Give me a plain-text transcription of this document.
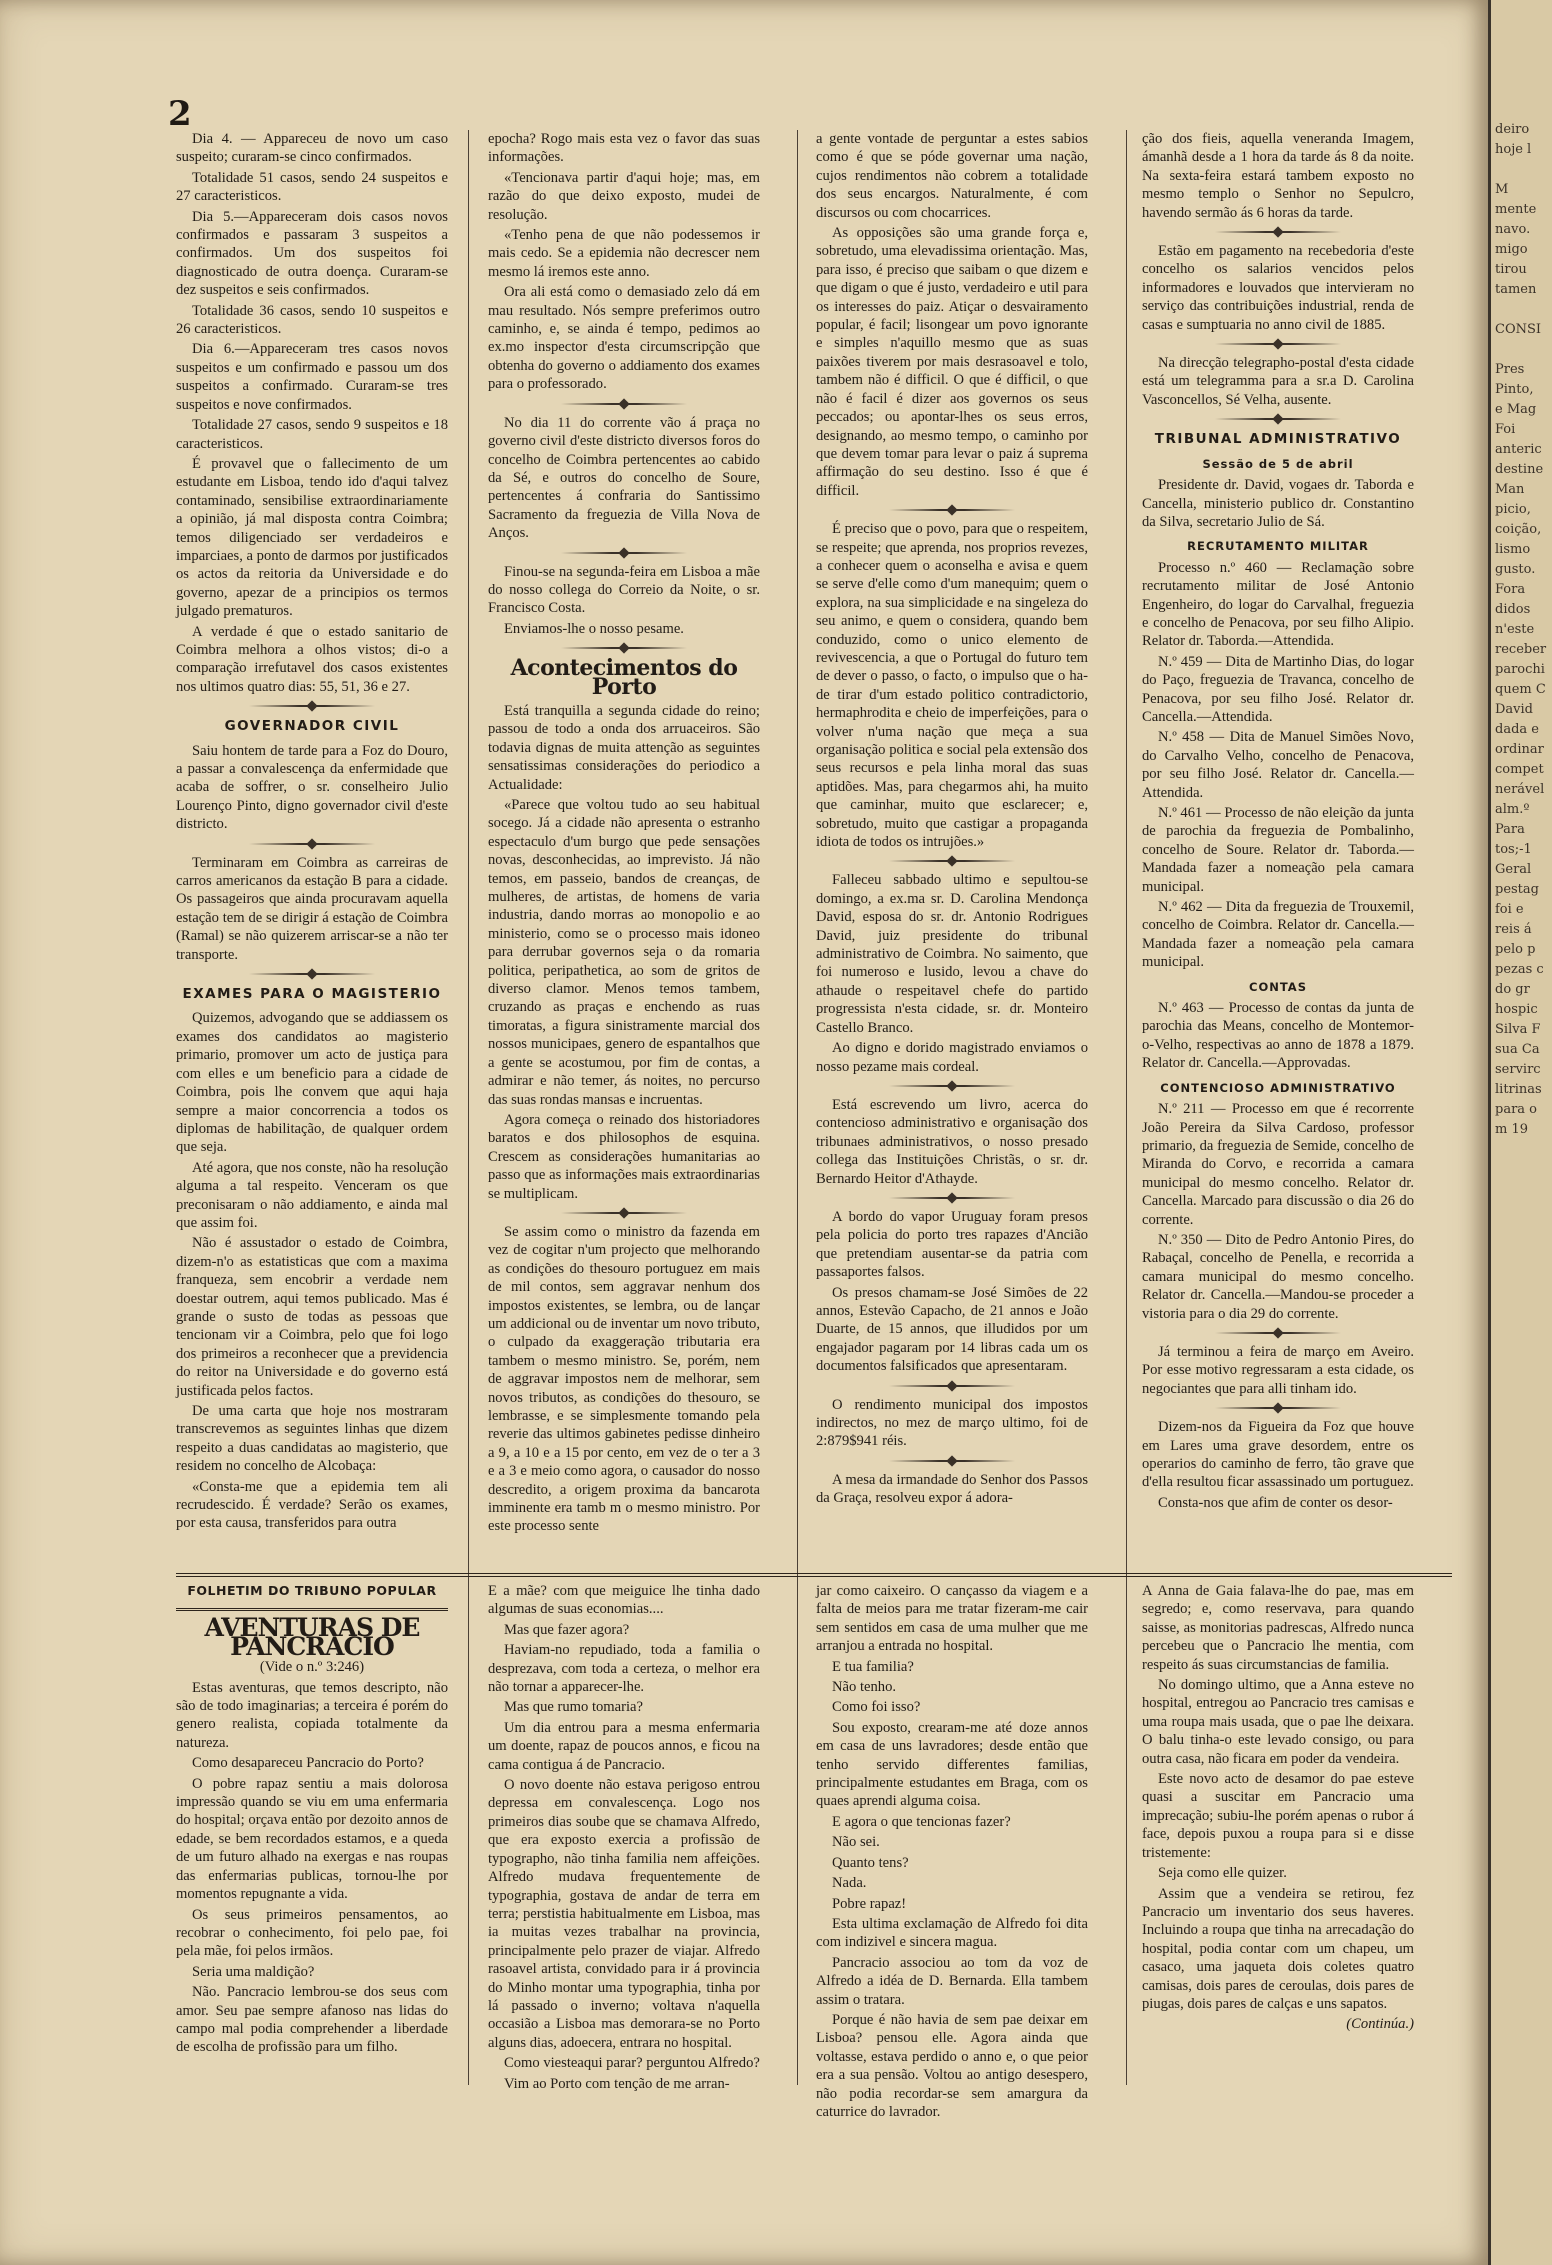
2

Dia 4. — Appareceu de novo um caso suspeito; curaram-se cinco confirmados.

Totalidade 51 casos, sendo 24 suspeitos e 27 caracteristicos.

Dia 5.—Appareceram dois casos novos confirmados e passaram 3 suspeitos a confirmados. Um dos suspeitos foi diagnosticado de outra doença. Curaram-se dez suspeitos e seis confirmados.

Totalidade 36 casos, sendo 10 suspeitos e 26 caracteristicos.

Dia 6.—Appareceram tres casos novos suspeitos e um confirmado e passou um dos suspeitos a confirmado. Curaram-se tres suspeitos e nove confirmados.

Totalidade 27 casos, sendo 9 suspeitos e 18 caracteristicos.

É provavel que o fallecimento de um estudante em Lisboa, tendo ido d'aqui talvez contaminado, sensibilise extraordinariamente a opinião, já mal disposta contra Coimbra; temos diligenciado ser verdadeiros e imparciaes, a ponto de darmos por justificados os actos da reitoria da Universidade e do governo, apezar de a principios os termos julgado prematuros.

A verdade é que o estado sanitario de Coimbra melhora a olhos vistos; di-o a comparação irrefutavel dos casos existentes nos ultimos quatro dias: 55, 51, 36 e 27.

GOVERNADOR CIVIL

Saiu hontem de tarde para a Foz do Douro, a passar a convalescença da enfermidade que acaba de soffrer, o sr. conselheiro Julio Lourenço Pinto, digno governador civil d'este districto.

Terminaram em Coimbra as carreiras de carros americanos da estação B para a cidade. Os passageiros que ainda procuravam aquella estação tem de se dirigir á estação de Coimbra (Ramal) se não quizerem arriscar-se a não ter transporte.

EXAMES PARA O MAGISTERIO

Quizemos, advogando que se addiassem os exames dos candidatos ao magisterio primario, promover um acto de justiça para com elles e um beneficio para a cidade de Coimbra, pois lhe convem que aqui haja sempre a maior concorrencia a todos os diplomas de habilitação, de qualquer ordem que seja.

Até agora, que nos conste, não ha resolução alguma a tal respeito. Venceram os que preconisaram o não addiamento, e ainda mal que assim foi.

Não é assustador o estado de Coimbra, dizem-n'o as estatisticas que com a maxima franqueza, sem encobrir a verdade nem doestar outrem, aqui temos publicado. Mas é grande o susto de todas as pessoas que tencionam vir a Coimbra, pelo que foi logo dos primeiros a reconhecer que a previdencia do reitor na Universidade e do governo está justificada pelos factos.

De uma carta que hoje nos mostraram transcrevemos as seguintes linhas que dizem respeito a duas candidatas ao magisterio, que residem no concelho de Alcobaça:

«Consta-me que a epidemia tem ali recrudescido. É verdade? Serão os exames, por esta causa, transferidos para outra

epocha? Rogo mais esta vez o favor das suas informações.

«Tencionava partir d'aqui hoje; mas, em razão do que deixo exposto, mudei de resolução.

«Tenho pena de que não podessemos ir mais cedo. Se a epidemia não decrescer nem mesmo lá iremos este anno.

Ora ali está como o demasiado zelo dá em mau resultado. Nós sempre preferimos outro caminho, e, se ainda é tempo, pedimos ao ex.mo inspector d'esta circumscripção que obtenha do governo o addiamento dos exames para o professorado.

No dia 11 do corrente vão á praça no governo civil d'este districto diversos foros do concelho de Coimbra pertencentes ao cabido da Sé, e outros do concelho de Soure, pertencentes á confraria do Santissimo Sacramento da freguezia de Villa Nova de Anços.

Finou-se na segunda-feira em Lisboa a mãe do nosso collega do Correio da Noite, o sr. Francisco Costa.

Enviamos-lhe o nosso pesame.

Acontecimentos do Porto

Está tranquilla a segunda cidade do reino; passou de todo a onda dos arruaceiros. São todavia dignas de muita attenção as seguintes sensatissimas considerações do periodico a Actualidade:

«Parece que voltou tudo ao seu habitual socego. Já a cidade não apresenta o estranho espectaculo d'um burgo que pede sensações novas, desconhecidas, ao imprevisto. Já não temos, em passeio, bandos de creanças, de mulheres, de artistas, de homens de varia industria, dando morras ao monopolio e ao ministerio, como se o processo mais idoneo para derrubar governos seja o da romaria politica, peripathetica, ao som de gritos de diverso clamor. Menos temos tambem, cruzando as praças e enchendo as ruas timoratas, a figura sinistramente marcial dos nossos municipaes, genero de espantalhos que a gente se acostumou, por fim de contas, a admirar e não temer, ás noites, no percurso das suas rondas mansas e incruentas.

Agora começa o reinado dos historiadores baratos e dos philosophos de esquina. Crescem as considerações humanitarias ao passo que as informações mais extraordinarias se multiplicam.

Se assim como o ministro da fazenda em vez de cogitar n'um projecto que melhorando as condições do thesouro portuguez em mais de mil contos, sem aggravar nenhum dos impostos existentes, se lembra, ou de lançar um addicional ou de inventar um novo tributo, o culpado da exaggeração tributaria era tambem o mesmo ministro. Se, porém, nem de aggravar impostos nem de melhorar, sem novos tributos, as condições do thesouro, se lembrasse, e se simplesmente tomando pela reverie das ultimos gabinetes pedisse dinheiro a 9, a 10 e a 15 por cento, em vez de o ter a 3 e a 3 e meio como agora, o causador do nosso descredito, a origem proxima da bancarota imminente era tamb m o mesmo ministro. Por este processo sente

a gente vontade de perguntar a estes sabios como é que se póde governar uma nação, cujos rendimentos não cobrem a totalidade dos seus encargos. Naturalmente, é com discursos ou com chocarrices.

As opposições são uma grande força e, sobretudo, uma elevadissima orientação. Mas, para isso, é preciso que saibam o que dizem e que digam o que é justo, verdadeiro e util para os interesses do paiz. Atiçar o desvairamento popular, é facil; lisongear um povo ignorante e simples n'aquillo mesmo que as suas paixões tiverem por mais desrasoavel e tolo, tambem não é difficil. O que é difficil, o que não é facil é dizer aos governos os seus peccados; ou apontar-lhes os seus erros, designando, ao mesmo tempo, o caminho por que devem tomar para levar o paiz á suprema affirmação do seu destino. Isso é que é difficil.

É preciso que o povo, para que o respeitem, se respeite; que aprenda, nos proprios revezes, a conhecer quem o aconselha e avisa e quem se serve d'elle como d'um manequim; quem o explora, na sua simplicidade e na singeleza do seu animo, e quem o considera, quando bem conduzido, como o unico elemento de revivescencia, a que o Portugal do futuro tem de dever o passo, o facto, o impulso que o ha-de tirar d'um estado politico contradictorio, hermaphrodita e cheio de imperfeições, para o volver n'uma nação que meça a sua organisação politica e social pela extensão dos seus recursos e pela linha moral das suas aptidões. Mas, para chegarmos ahi, ha muito que caminhar, muito que esclarecer; e, sobretudo, muito que castigar a propaganda idiota de todos os intrujões.»

Falleceu sabbado ultimo e sepultou-se domingo, a ex.ma sr. D. Carolina Mendonça David, esposa do sr. dr. Antonio Rodrigues David, juiz presidente do tribunal administrativo de Coimbra. No saimento, que foi numeroso e lusido, levou a chave do athaude o respeitavel chefe do partido progressista n'esta cidade, sr. dr. Monteiro Castello Branco.

Ao digno e dorido magistrado enviamos o nosso pezame mais cordeal.

Está escrevendo um livro, acerca do contencioso administrativo e organisação dos tribunaes administrativos, o nosso presado collega das Instituições Christãs, o sr. dr. Bernardo Heitor d'Athayde.

A bordo do vapor Uruguay foram presos pela policia do porto tres rapazes d'Ancião que pretendiam ausentar-se da patria com passaportes falsos.

Os presos chamam-se José Simões de 22 annos, Estevão Capacho, de 21 annos e João Duarte, de 15 annos, que illudidos por um engajador pagaram por 14 libras cada um os documentos falsificados que apresentaram.

O rendimento municipal dos impostos indirectos, no mez de março ultimo, foi de 2:879$941 réis.

A mesa da irmandade do Senhor dos Passos da Graça, resolveu expor á adora-

ção dos fieis, aquella veneranda Imagem, ámanhã desde a 1 hora da tarde ás 8 da noite. Na sexta-feira estará tambem exposto no mesmo templo o Senhor no Sepulcro, havendo sermão ás 6 horas da tarde.

Estão em pagamento na recebedoria d'este concelho os salarios vencidos pelos informadores e louvados que intervieram no serviço das contribuições industrial, renda de casas e sumptuaria no anno civil de 1885.

Na direcção telegrapho-postal d'esta cidade está um telegramma para a sr.a D. Carolina Vasconcellos, Sé Velha, ausente.

TRIBUNAL ADMINISTRATIVO
Sessão de 5 de abril

Presidente dr. David, vogaes dr. Taborda e Cancella, ministerio publico dr. Constantino da Silva, secretario Julio de Sá.

RECRUTAMENTO MILITAR

Processo n.º 460 — Reclamação sobre recrutamento militar de José Antonio Engenheiro, do logar do Carvalhal, freguezia e concelho de Penacova, por seu filho Alipio. Relator dr. Taborda.—Attendida.

N.º 459 — Dita de Martinho Dias, do logar do Paço, freguezia de Travanca, concelho de Penacova, por seu filho José. Relator dr. Cancella.—Attendida.

N.º 458 — Dita de Manuel Simões Novo, do Carvalho Velho, concelho de Penacova, por seu filho José. Relator dr. Cancella.—Attendida.

N.º 461 — Processo de não eleição da junta de parochia da freguezia de Pombalinho, concelho de Soure. Relator dr. Taborda.—Mandada fazer a nomeação pela camara municipal.

N.º 462 — Dita da freguezia de Trouxemil, concelho de Coimbra. Relator dr. Cancella.—Mandada fazer a nomeação pela camara municipal.

CONTAS

N.º 463 — Processo de contas da junta de parochia das Means, concelho de Montemor-o-Velho, respectivas ao anno de 1878 a 1879. Relator dr. Cancella.—Approvadas.

CONTENCIOSO ADMINISTRATIVO

N.º 211 — Processo em que é recorrente João Pereira da Silva Cardoso, professor primario, da freguezia de Semide, concelho de Miranda do Corvo, e recorrida a camara municipal do mesmo concelho. Relator dr. Cancella. Marcado para discussão o dia 26 do corrente.

N.º 350 — Dito de Pedro Antonio Pires, do Rabaçal, concelho de Penella, e recorrida a camara municipal do mesmo concelho. Relator dr. Cancella.—Mandou-se proceder a vistoria para o dia 29 do corrente.

Já terminou a feira de março em Aveiro. Por esse motivo regressaram a esta cidade, os negociantes que para alli tinham ido.

Dizem-nos da Figueira da Foz que houve em Lares uma grave desordem, entre os operarios do caminho de ferro, tão grave que d'ella resultou ficar assassinado um portuguez.

Consta-nos que afim de conter os desor-

FOLHETIM DO TRIBUNO POPULAR
AVENTURAS DE PANCRACIO

(Vide o n.º 3:246)

Estas aventuras, que temos descripto, não são de todo imaginarias; a terceira é porém do genero realista, copiada totalmente da natureza.

Como desapareceu Pancracio do Porto?

O pobre rapaz sentiu a mais dolorosa impressão quando se viu em uma enfermaria do hospital; orçava então por dezoito annos de edade, se bem recordados estamos, e a queda de um futuro alhado na exergas e nas roupas das enfermarias publicas, tornou-lhe por momentos repugnante a vida.

Os seus primeiros pensamentos, ao recobrar o conhecimento, foi pelo pae, foi pela mãe, foi pelos irmãos.

Seria uma maldição?

Não. Pancracio lembrou-se dos seus com amor. Seu pae sempre afanoso nas lidas do campo mal podia comprehender a liberdade de escolha de profissão para um filho.

E a mãe? com que meiguice lhe tinha dado algumas de suas economias....

Mas que fazer agora?

Haviam-no repudiado, toda a familia o desprezava, com toda a certeza, o melhor era não tornar a apparecer-lhe.

Mas que rumo tomaria?

Um dia entrou para a mesma enfermaria um doente, rapaz de poucos annos, e ficou na cama contigua á de Pancracio.

O novo doente não estava perigoso entrou depressa em convalescença. Logo nos primeiros dias soube que se chamava Alfredo, que era exposto exercia a profissão de typographo, não tinha familia nem affeições. Alfredo mudava frequentemente de typographia, gostava de andar de terra em terra; perstistia habitualmente em Lisboa, mas ia muitas vezes trabalhar na provincia, principalmente pelo prazer de viajar. Alfredo rasoavel artista, convidado para ir á provincia do Minho montar uma typographia, tinha por lá passado o inverno; voltava n'aquella occasião a Lisboa mas demorara-se no Porto alguns dias, adoecera, entrara no hospital.

Como viesteaqui parar? perguntou Alfredo?

Vim ao Porto com tenção de me arran-

jar como caixeiro. O cançasso da viagem e a falta de meios para me tratar fizeram-me cair sem sentidos em casa de uma mulher que me arranjou a entrada no hospital.

E tua familia?

Não tenho.

Como foi isso?

Sou exposto, crearam-me até doze annos em casa de uns lavradores; desde então que tenho servido differentes familias, principalmente estudantes em Braga, com os quaes aprendi alguma coisa.

E agora o que tencionas fazer?

Não sei.

Quanto tens?

Nada.

Pobre rapaz!

Esta ultima exclamação de Alfredo foi dita com indizivel e sincera magua.

Pancracio associou ao tom da voz de Alfredo a idéa de D. Bernarda. Ella tambem assim o tratara.

Porque é não havia de sem pae deixar em Lisboa? pensou elle. Agora ainda que voltasse, estava perdido o anno e, o que peior era a sua pensão. Voltou ao antigo desespero, não podia recordar-se sem amargura da caturrice do lavrador.

A Anna de Gaia falava-lhe do pae, mas em segredo; e, como reservava, para quando saisse, as monitorias padrescas, Alfredo nunca percebeu que o Pancracio lhe mentia, com respeito ás suas circumstancias de familia.

No domingo ultimo, que a Anna esteve no hospital, entregou ao Pancracio tres camisas e uma roupa mais usada, que o pae lhe deixara. O balu tinha-o este levado consigo, ou para outra casa, não ficara em poder da vendeira.

Este novo acto de desamor do pae esteve quasi a suscitar em Pancracio uma imprecação; subiu-lhe porém apenas o rubor á face, depois puxou a roupa para si e disse tristemente:

Seja como elle quizer.

Assim que a vendeira se retirou, fez Pancracio um inventario dos seus haveres. Incluindo a roupa que tinha na arrecadação do hospital, podia contar com um chapeu, um casaco, uma jaqueta dois coletes quatro camisas, dois pares de ceroulas, dois pares de piugas, dois pares de calças e uns sapatos.

(Continúa.)

deiro
hoje l

M
mente
navo.
migo
tirou
tamen

CONSI

Pres
Pinto,
e Mag
Foi
anteric
destine
Man
picio,
coição,
lismo
gusto.
Fora
didos
n'este
receber
parochi
quem C
David
dada e
ordinar
compet
nerável
alm.º
Para
tos;-1
Geral
pestag
foi e
reis á
pelo p
pezas c
do gr
hospic
Silva F
sua Ca
servirc
litrinas
para o
m 19
